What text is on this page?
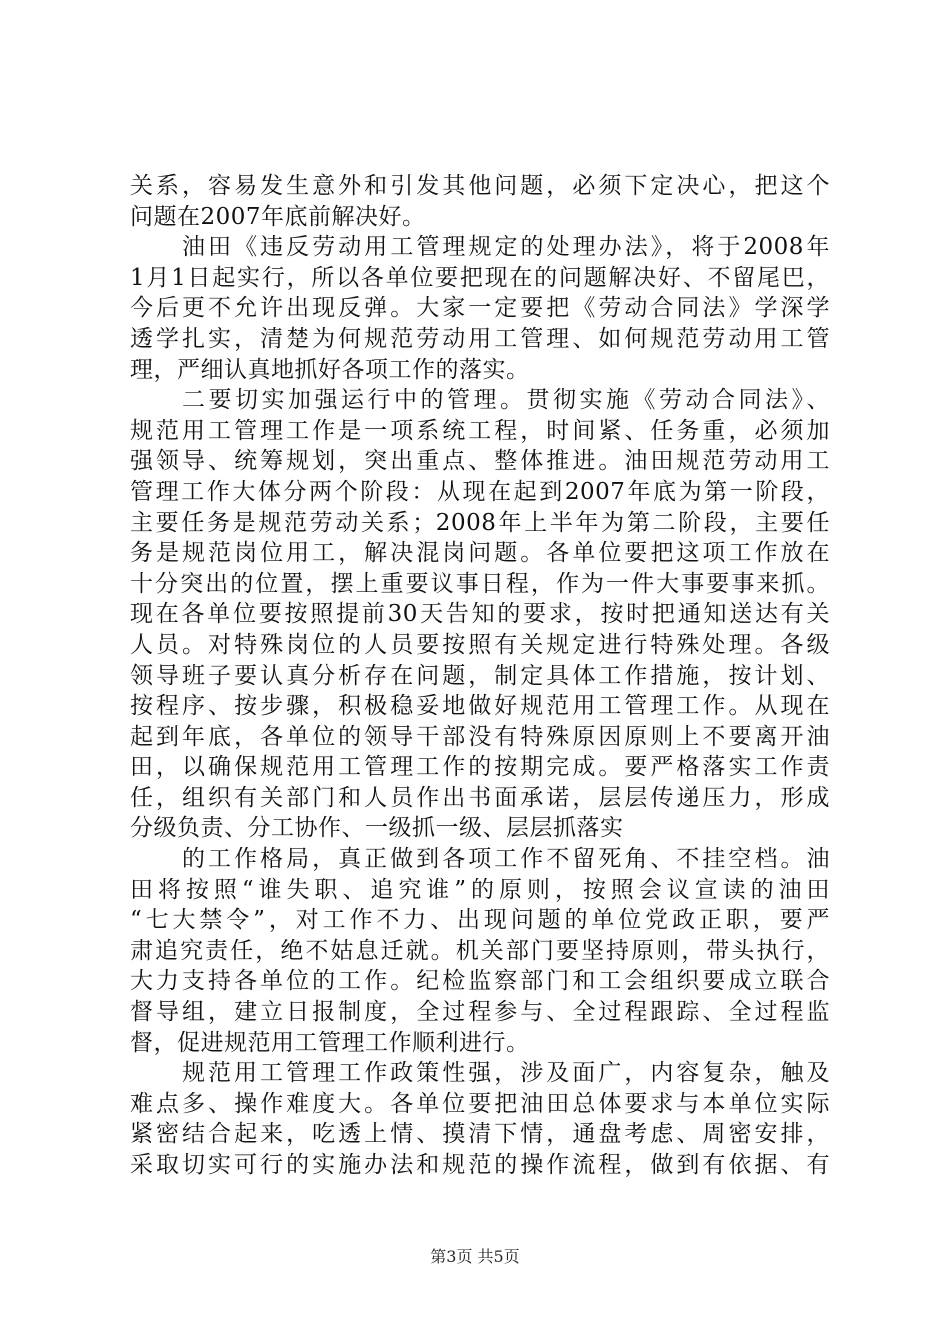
关系，容易发生意外和引发其他问题，必须下定决心，把这个
问题在2007年底前解决好。
油田《违反劳动用工管理规定的处理办法》，将于2008年
1月1日起实行，所以各单位要把现在的问题解决好、不留尾巴，
今后更不允许出现反弹。大家一定要把《劳动合同法》学深学
透学扎实，清楚为何规范劳动用工管理、如何规范劳动用工管
理，严细认真地抓好各项工作的落实。
二要切实加强运行中的管理。贯彻实施《劳动合同法》、
规范用工管理工作是一项系统工程，时间紧、任务重，必须加
强领导、统筹规划，突出重点、整体推进。油田规范劳动用工
管理工作大体分两个阶段：从现在起到2007年底为第一阶段，
主要任务是规范劳动关系；2008年上半年为第二阶段，主要任
务是规范岗位用工，解决混岗问题。各单位要把这项工作放在
十分突出的位置，摆上重要议事日程，作为一件大事要事来抓。
现在各单位要按照提前30天告知的要求，按时把通知送达有关
人员。对特殊岗位的人员要按照有关规定进行特殊处理。各级
领导班子要认真分析存在问题，制定具体工作措施，按计划、
按程序、按步骤，积极稳妥地做好规范用工管理工作。从现在
起到年底，各单位的领导干部没有特殊原因原则上不要离开油
田，以确保规范用工管理工作的按期完成。要严格落实工作责
任，组织有关部门和人员作出书面承诺，层层传递压力，形成
分级负责、分工协作、一级抓一级、层层抓落实
的工作格局，真正做到各项工作不留死角、不挂空档。油
田将按照“谁失职、追究谁”的原则，按照会议宣读的油田
“七大禁令”，对工作不力、出现问题的单位党政正职，要严
肃追究责任，绝不姑息迁就。机关部门要坚持原则，带头执行，
大力支持各单位的工作。纪检监察部门和工会组织要成立联合
督导组，建立日报制度，全过程参与、全过程跟踪、全过程监
督，促进规范用工管理工作顺利进行。
规范用工管理工作政策性强，涉及面广，内容复杂，触及
难点多、操作难度大。各单位要把油田总体要求与本单位实际
紧密结合起来，吃透上情、摸清下情，通盘考虑、周密安排，
采取切实可行的实施办法和规范的操作流程，做到有依据、有
第3页 共5页
